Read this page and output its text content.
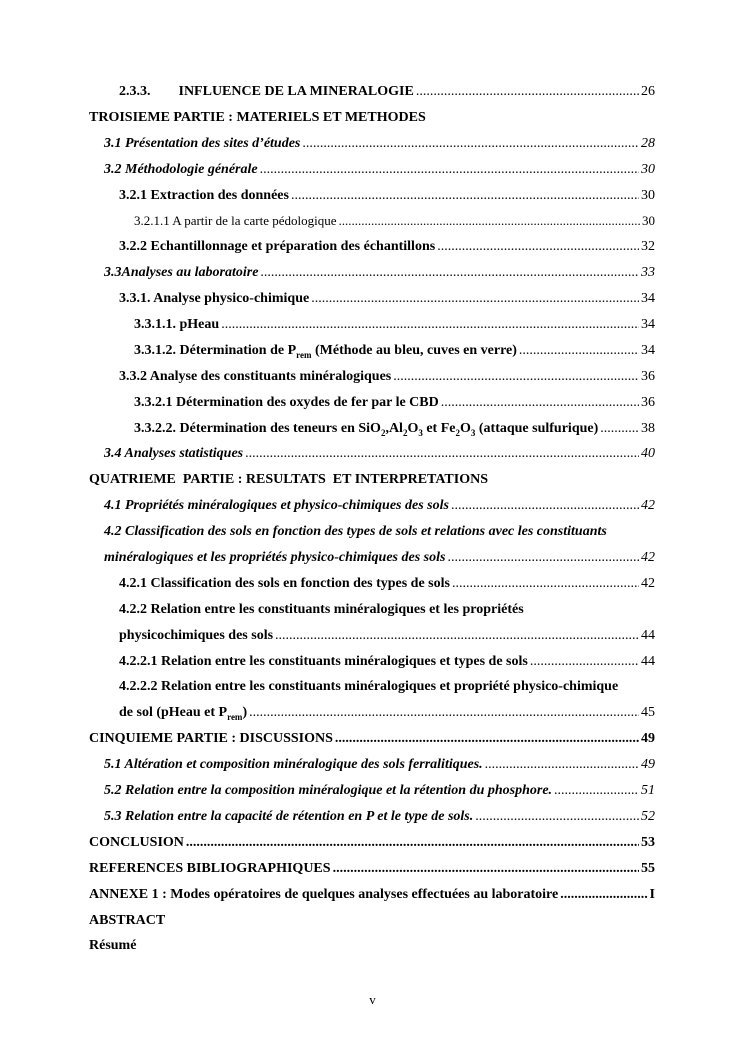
2.3.3. INFLUENCE DE LA MINERALOGIE .....	26
TROISIEME PARTIE : MATERIELS ET METHODES
3.1 Présentation des sites d’études .....	28
3.2 Méthodologie générale .....	30
3.2.1 Extraction des données .....	30
3.2.1.1 A partir de la carte pédologique .....	30
3.2.2 Echantillonnage et préparation des échantillons .....	32
3.3Analyses au laboratoire .....	33
3.3.1. Analyse physico-chimique .....	34
3.3.1.1. pHeau .....	34
3.3.1.2. Détermination de $P_{rem}$ (Méthode au bleu, cuves en verre) .....	34
3.3.2 Analyse des constituants minéralogiques .....	36
3.3.2.1 Détermination des oxydes de fer par le CBD .....	36
3.3.2.2. Détermination des teneurs en $SiO_2,Al_2O_3$ et $Fe_2O_3$ (attaque sulfurique) .....	38
3.4 Analyses statistiques .....	40
QUATRIEME  PARTIE : RESULTATS  ET INTERPRETATIONS
4.1 Propriétés minéralogiques et physico-chimiques des sols .....	42
4.2 Classification des sols en fonction des types de sols et relations avec les constituants
minéralogiques et les propriétés physico-chimiques des sols .....	42
4.2.1 Classification des sols en fonction des types de sols .....	42
4.2.2 Relation entre les constituants minéralogiques et les propriétés
physicochimiques des sols .....	44
4.2.2.1 Relation entre les constituants minéralogiques et types de sols .....	44
4.2.2.2 Relation entre les constituants minéralogiques et propriété physico-chimique
de sol (pHeau et $P_{rem}$) .....	45
CINQUIEME PARTIE : DISCUSSIONS .....	49
5.1 Altération et composition minéralogique des sols ferralitiques. .....	49
5.2 Relation entre la composition minéralogique et la rétention du phosphore. .....	51
5.3 Relation entre la capacité de rétention en P et le type de sols. .....	52
CONCLUSION .....	53
REFERENCES BIBLIOGRAPHIQUES .....	55
ANNEXE 1 : Modes opératoires de quelques analyses effectuées au laboratoire .....	I
ABSTRACT
Résumé
v
